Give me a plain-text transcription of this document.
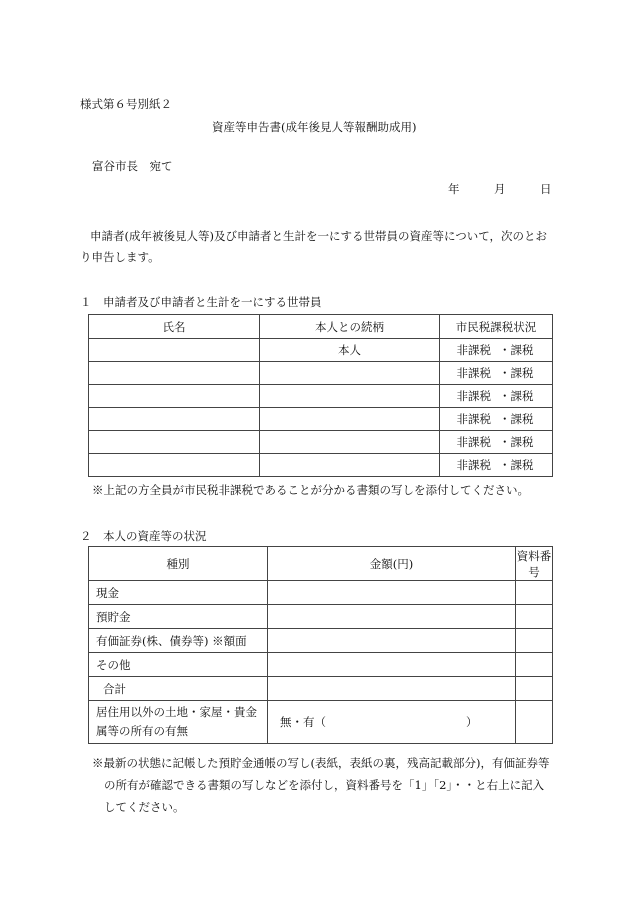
様式第６号別紙２
資産等申告書(成年後見人等報酬助成用)
富谷市長　宛て
年	月	日
申請者(成年被後見人等)及び申請者と生計を一にする世帯員の資産等について，次のとおり申告します。
１　申請者及び申請者と生計を一にする世帯員
氏名	本人との続柄	市民税課税状況
	本人	非課税 ・課税
		非課税 ・課税
		非課税 ・課税
		非課税 ・課税
		非課税 ・課税
		非課税 ・課税
※上記の方全員が市民税非課税であることが分かる書類の写しを添付してください。
２　本人の資産等の状況
種別	金額(円)	資料番号
現金		
預貯金		
有価証券(株、債券等) ※額面		
その他		
合計		
居住用以外の土地・家屋・貴金
属等の所有の有無	無・有（ ）	
※最新の状態に記帳した預貯金通帳の写し(表紙，表紙の裏，残高記載部分)，有価証券等
の所有が確認できる書類の写しなどを添付し，資料番号を「1」「2」・・と右上に記入
してください。
